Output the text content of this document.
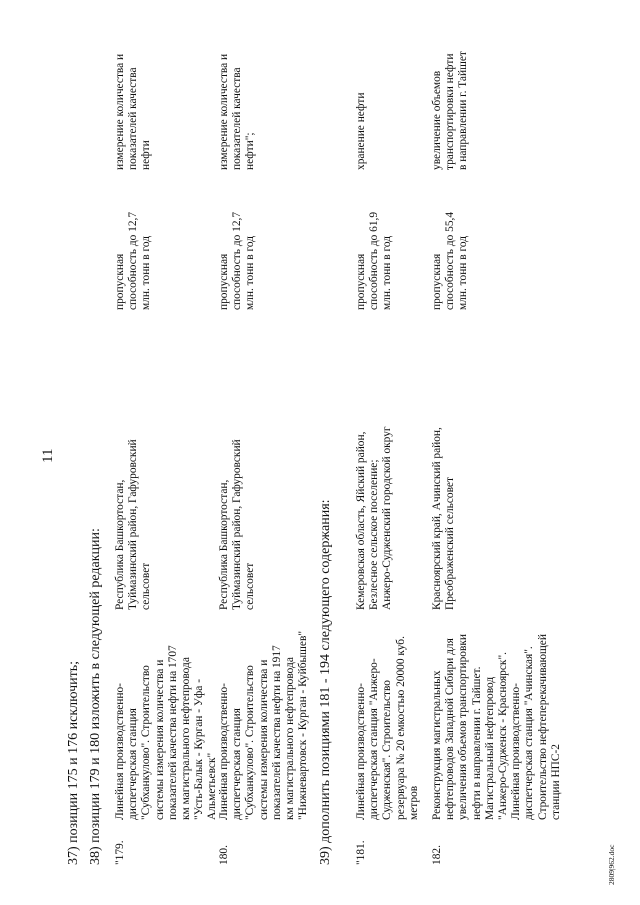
11
37) позиции 175 и 176 исключить; 38) позиции 179 и 180 изложить в следующей редакции: "179.
Линейная производственно-диспетчерская станция "Субханкулово". Строительство системы измерения количества и показателей качества нефти на 1707 км магистрального нефтепровода "Усть-Балык - Курган - Уфа - Альметьевск"
Республика Башкортостан, Туймазинский район, Гафуровский сельсовет
пропускная способность до 12,7 млн. тонн в год
измерение количества и показателей качества нефти
180.
Линейная производственно-диспетчерская станция "Субханкулово". Строительство системы измерения количества и показателей качества нефти на 1917 км магистрального нефтепровода "Нижневартовск - Курган - Куйбышев"
Республика Башкортостан, Туймазинский район, Гафуровский сельсовет
пропускная способность до 12,7 млн. тонн в год
измерение количества и показателей качества нефти";
39) дополнить позициями 181 - 194 следующего содержания: "181.
Линейная производственно-диспетчерская станция "Анжеро-Судженская". Строительство резервуара № 20 емкостью 20000 куб. метров
Кемеровская область, Яйский район, Безлесное сельское поселение; Анжеро-Судженский городской округ
пропускная способность до 61,9 млн. тонн в год
хранение нефти
182.
Реконструкция магистральных нефтепроводов Западной Сибири для увеличения объемов транспортировки нефти в направлении г. Тайшет. Магистральный нефтепровод "Анжеро-Судженск - Красноярск". Линейная производственно-диспетчерская станция "Ачинская". Строительство нефтеперекачивающей станции НПС-2
Красноярский край, Ачинский район, Преображенский сельсовет
пропускная способность до 55,4 млн. тонн в год
увеличение объемов транспортировки нефти в направлении г. Тайшет
2809|962.doc
